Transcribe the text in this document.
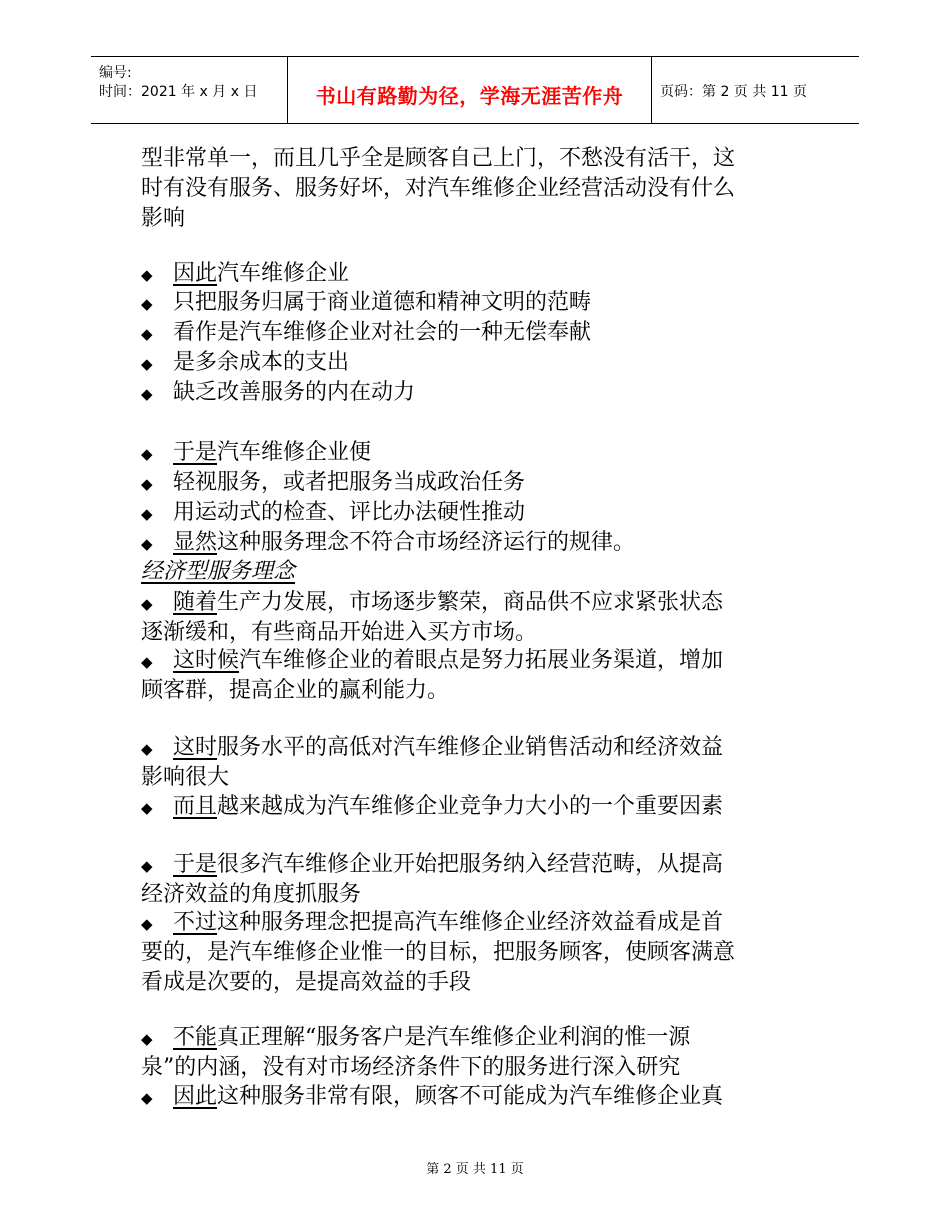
编号:
时间：2021 年 x 月 x 日	书山有路勤为径，学海无涯苦作舟	页码：第 2 页 共 11 页
型非常单一，而且几乎全是顾客自己上门，不愁没有活干，这
时有没有服务、服务好坏，对汽车维修企业经营活动没有什么
影响
◆ 因此汽车维修企业
◆ 只把服务归属于商业道德和精神文明的范畴
◆ 看作是汽车维修企业对社会的一种无偿奉献
◆ 是多余成本的支出
◆ 缺乏改善服务的内在动力
◆ 于是汽车维修企业便
◆ 轻视服务，或者把服务当成政治任务
◆ 用运动式的检查、评比办法硬性推动
◆ 显然这种服务理念不符合市场经济运行的规律。
经济型服务理念
◆ 随着生产力发展，市场逐步繁荣，商品供不应求紧张状态
逐渐缓和，有些商品开始进入买方市场。
◆ 这时候汽车维修企业的着眼点是努力拓展业务渠道，增加
顾客群，提高企业的赢利能力。
◆ 这时服务水平的高低对汽车维修企业销售活动和经济效益
影响很大
◆ 而且越来越成为汽车维修企业竞争力大小的一个重要因素
◆ 于是很多汽车维修企业开始把服务纳入经营范畴，从提高
经济效益的角度抓服务
◆ 不过这种服务理念把提高汽车维修企业经济效益看成是首
要的，是汽车维修企业惟一的目标，把服务顾客，使顾客满意
看成是次要的，是提高效益的手段
◆ 不能真正理解“服务客户是汽车维修企业利润的惟一源
泉”的内涵，没有对市场经济条件下的服务进行深入研究
◆ 因此这种服务非常有限，顾客不可能成为汽车维修企业真
第 2 页 共 11 页
